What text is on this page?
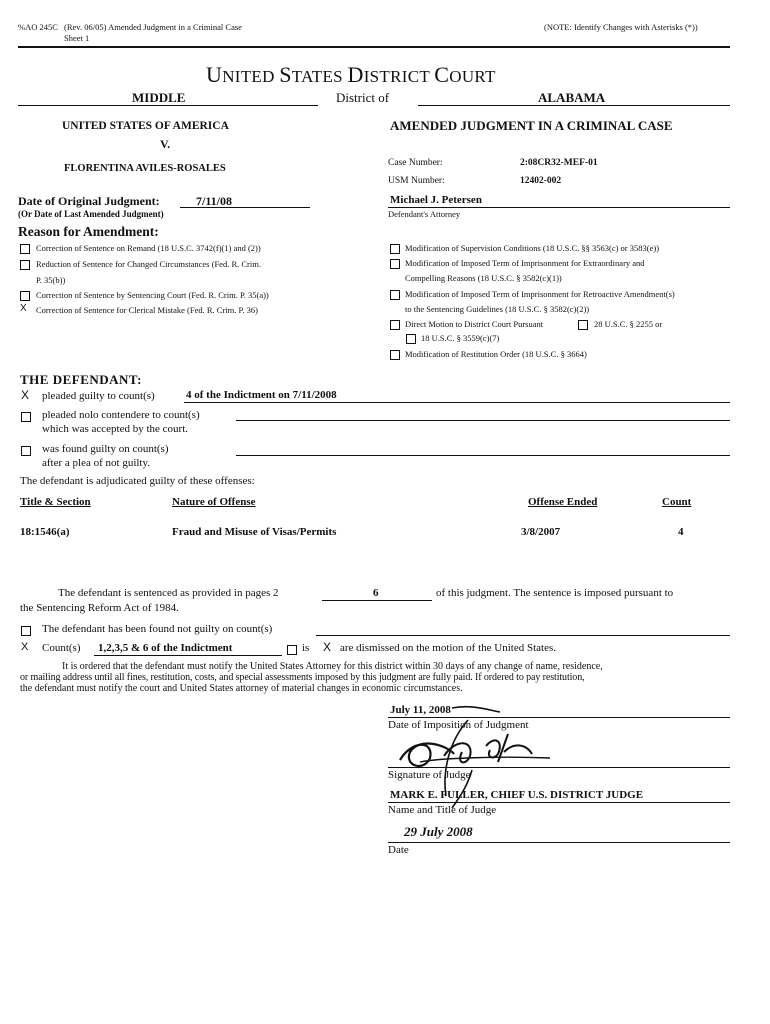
%AO 245C (Rev. 06/05) Amended Judgment in a Criminal Case
Sheet 1
(NOTE: Identify Changes with Asterisks (*))
UNITED STATES DISTRICT COURT
MIDDLE	District of	ALABAMA
UNITED STATES OF AMERICA
V.
FLORENTINA AVILES-ROSALES
AMENDED JUDGMENT IN A CRIMINAL CASE
Case Number:	2:08CR32-MEF-01
USM Number:	12402-002
Michael J. Petersen
Defendant's Attorney
Date of Original Judgment:	7/11/08
(Or Date of Last Amended Judgment)
Reason for Amendment:
Correction of Sentence on Remand (18 U.S.C. 3742(f)(1) and (2))
Reduction of Sentence for Changed Circumstances (Fed. R. Crim.
P. 35(b))
Correction of Sentence by Sentencing Court (Fed. R. Crim. P. 35(a))
X Correction of Sentence for Clerical Mistake (Fed. R. Crim. P. 36)
Modification of Supervision Conditions (18 U.S.C. §§ 3563(c) or 3583(e))
Modification of Imposed Term of Imprisonment for Extraordinary and
Compelling Reasons (18 U.S.C. § 3582(c)(1))
Modification of Imposed Term of Imprisonment for Retroactive Amendment(s)
to the Sentencing Guidelines (18 U.S.C. § 3582(c)(2))
Direct Motion to District Court Pursuant	28 U.S.C. § 2255 or
18 U.S.C. § 3559(c)(7)
Modification of Restitution Order (18 U.S.C. § 3664)
THE DEFENDANT:
X pleaded guilty to count(s)	4 of the Indictment on 7/11/2008
pleaded nolo contendere to count(s)
which was accepted by the court.
was found guilty on count(s)
after a plea of not guilty.
The defendant is adjudicated guilty of these offenses:
Title & Section	Nature of Offense	Offense Ended	Count
18:1546(a)	Fraud and Misuse of Visas/Permits	3/8/2007	4
The defendant is sentenced as provided in pages 2	6	of this judgment. The sentence is imposed pursuant to
the Sentencing Reform Act of 1984.
The defendant has been found not guilty on count(s)
X Count(s) 1,2,3,5 & 6 of the Indictment	is X are dismissed on the motion of the United States.
It is ordered that the defendant must notify the United States Attorney for this district within 30 days of any change of name, residence,
or mailing address until all fines, restitution, costs, and special assessments imposed by this judgment are fully paid. If ordered to pay restitution,
the defendant must notify the court and United States attorney of material changes in economic circumstances.
July 11, 2008
Date of Imposition of Judgment
Signature of Judge
MARK E. FULLER, CHIEF U.S. DISTRICT JUDGE
Name and Title of Judge
29 July 2008
Date
